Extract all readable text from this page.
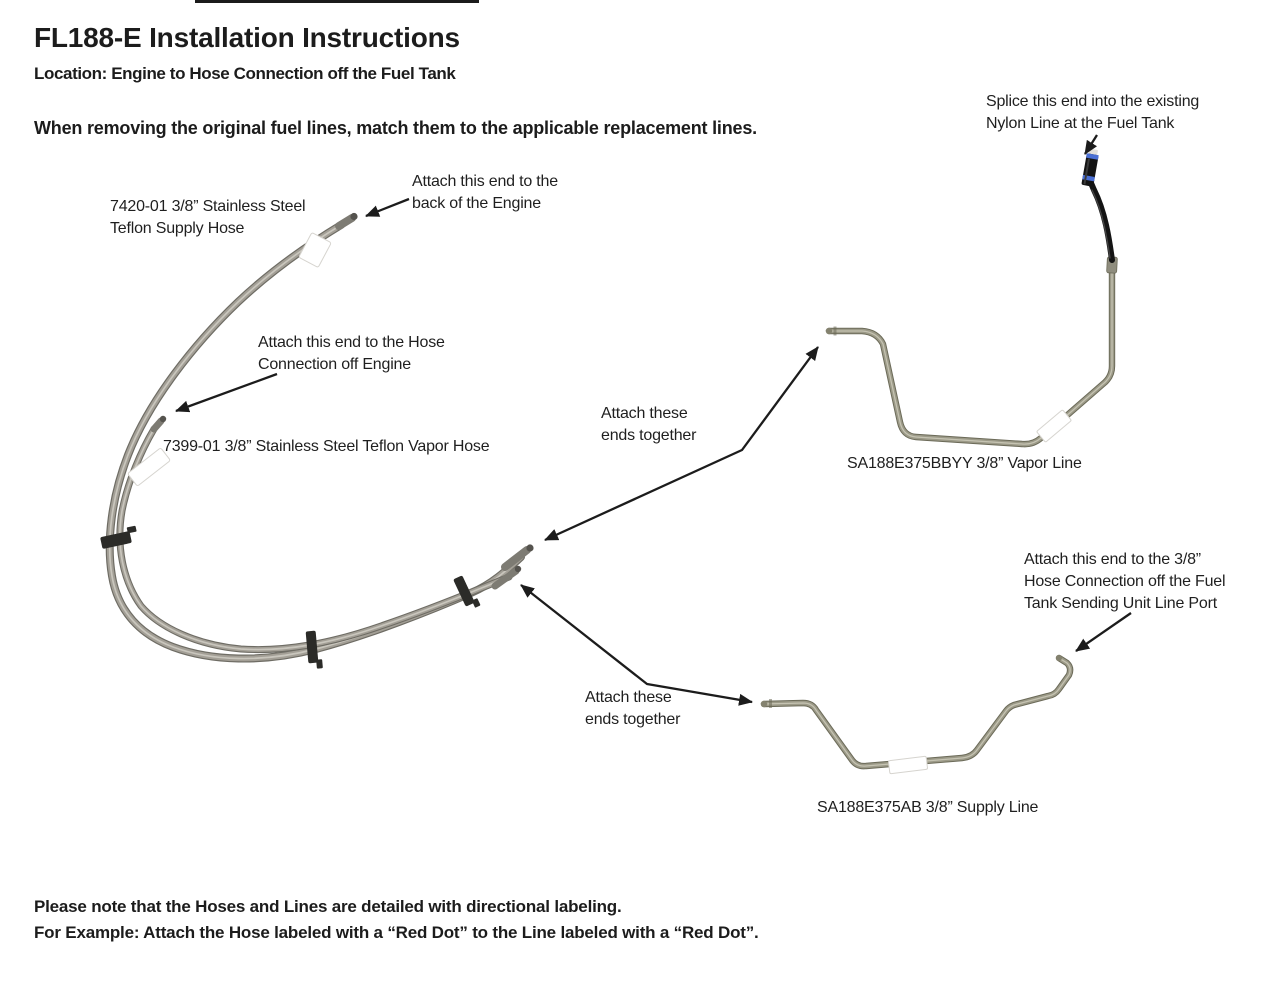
FL188-E Installation Instructions
Location: Engine to Hose Connection off the Fuel Tank
When removing the original fuel lines, match them to the applicable replacement lines.
7420-01 3/8” Stainless Steel
Teflon Supply Hose
Attach this end to the
back of the Engine
Attach this end to the Hose
Connection off Engine
7399-01 3/8” Stainless Steel Teflon Vapor Hose
Attach these
ends together
Splice this end into the existing
Nylon Line at the Fuel Tank
SA188E375BBYY 3/8” Vapor Line
Attach this end to the 3/8”
Hose Connection off the Fuel
Tank Sending Unit Line Port
Attach these
ends together
SA188E375AB 3/8” Supply Line
Please note that the Hoses and Lines are detailed with directional labeling.
For Example: Attach the Hose labeled with a “Red Dot” to the Line labeled with a “Red Dot”.
